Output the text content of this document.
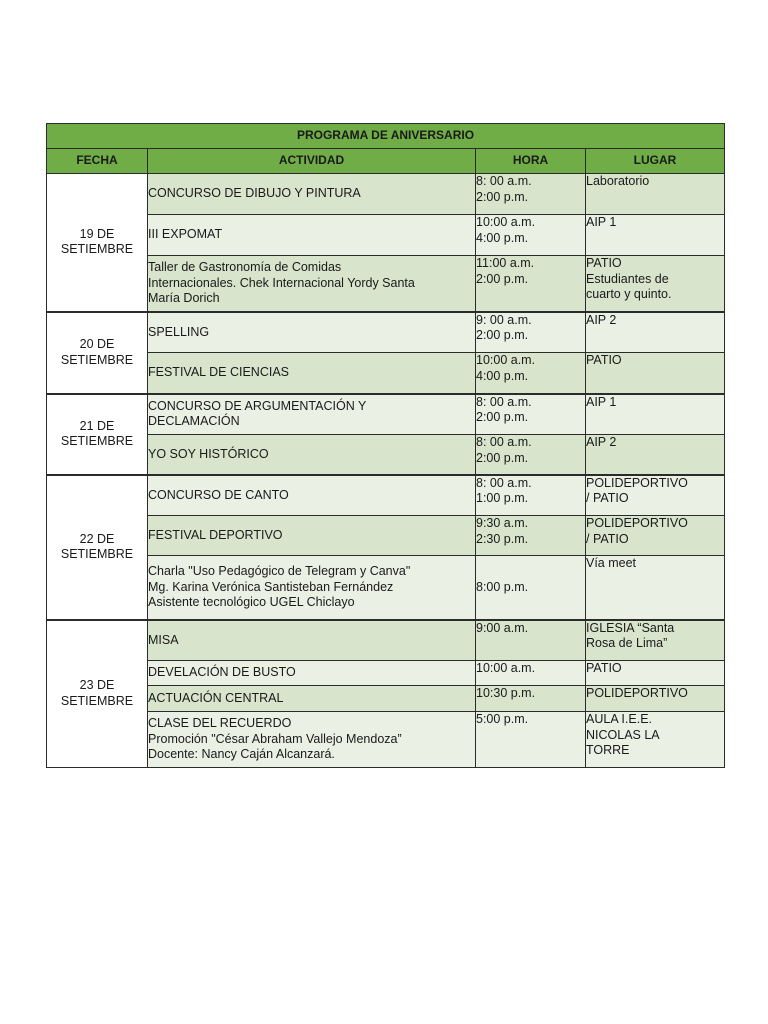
PROGRAMA DE ANIVERSARIO			
FECHA	ACTIVIDAD	HORA	LUGAR

19 DE
SETIEMBRE	CONCURSO DE DIBUJO Y PINTURA	8: 00 a.m.
2:00 p.m.	Laboratorio

	III EXPOMAT	10:00 a.m.
4:00 p.m.	AIP 1

	Taller de Gastronomía de Comidas
Internacionales. Chek Internacional Yordy Santa
María Dorich	11:00 a.m.
2:00 p.m.	PATIO
Estudiantes de
cuarto y quinto.

20 DE
SETIEMBRE	SPELLING	9: 00 a.m.
2:00 p.m.	AIP 2

	FESTIVAL DE CIENCIAS	10:00 a.m.
4:00 p.m.	PATIO

21 DE
SETIEMBRE	CONCURSO DE ARGUMENTACIÓN Y
DECLAMACIÓN	8: 00 a.m.
2:00 p.m.	AIP 1

	YO SOY HISTÓRICO	8: 00 a.m.
2:00 p.m.	AIP 2

22 DE
SETIEMBRE	CONCURSO DE CANTO	8: 00 a.m.
1:00 p.m.	POLIDEPORTIVO
/ PATIO

	FESTIVAL DEPORTIVO	9:30 a.m.
2:30 p.m.	POLIDEPORTIVO
/ PATIO

	Charla "Uso Pedagógico de Telegram y Canva"
Mg. Karina Verónica Santisteban Fernández
Asistente tecnológico UGEL Chiclayo	8:00 p.m.	Vía meet

23 DE
SETIEMBRE	MISA	9:00 a.m.	IGLESIA “Santa
Rosa de Lima”

	DEVELACIÓN DE BUSTO	10:00 a.m.	PATIO

	ACTUACIÓN CENTRAL	10:30 p.m.	POLIDEPORTIVO

	CLASE DEL RECUERDO
Promoción "César Abraham Vallejo Mendoza”
Docente: Nancy Caján Alcanzará.	5:00 p.m.	AULA I.E.E.
NICOLAS LA
TORRE
